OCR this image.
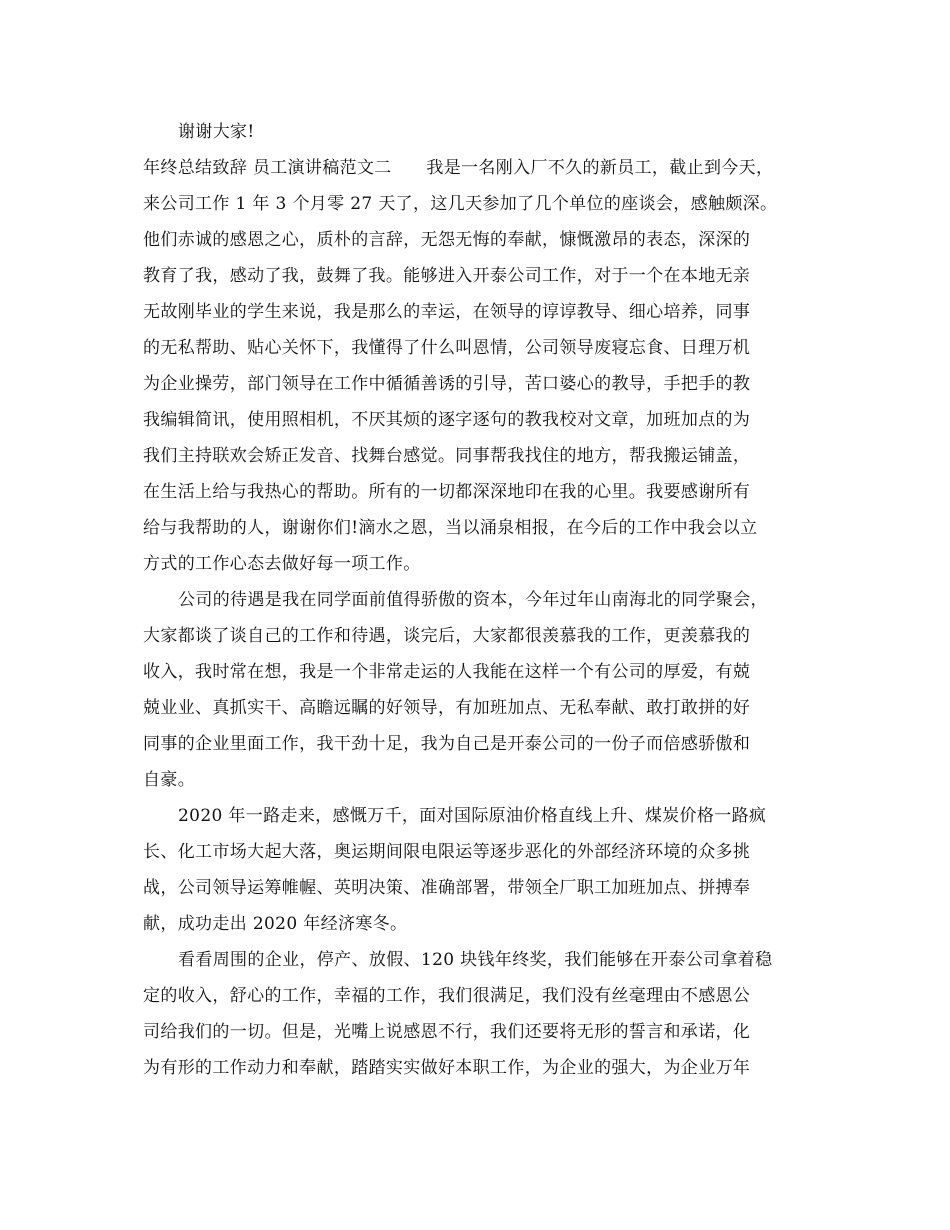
谢谢大家!
年终总结致辞 员工演讲稿范文二　　我是一名刚入厂不久的新员工，截止到今天，
来公司工作 1 年 3 个月零 27 天了，这几天参加了几个单位的座谈会，感触颇深。
他们赤诚的感恩之心，质朴的言辞，无怨无悔的奉献，慷慨激昂的表态，深深的
教育了我，感动了我，鼓舞了我。能够进入开泰公司工作，对于一个在本地无亲
无故刚毕业的学生来说，我是那么的幸运，在领导的谆谆教导、细心培养，同事
的无私帮助、贴心关怀下，我懂得了什么叫恩情，公司领导废寝忘食、日理万机
为企业操劳，部门领导在工作中循循善诱的引导，苦口婆心的教导，手把手的教
我编辑简讯，使用照相机，不厌其烦的逐字逐句的教我校对文章，加班加点的为
我们主持联欢会矫正发音、找舞台感觉。同事帮我找住的地方，帮我搬运铺盖，
在生活上给与我热心的帮助。所有的一切都深深地印在我的心里。我要感谢所有
给与我帮助的人，谢谢你们!滴水之恩，当以涌泉相报，在今后的工作中我会以立
方式的工作心态去做好每一项工作。
公司的待遇是我在同学面前值得骄傲的资本，今年过年山南海北的同学聚会，
大家都谈了谈自己的工作和待遇，谈完后，大家都很羡慕我的工作，更羡慕我的
收入，我时常在想，我是一个非常走运的人我能在这样一个有公司的厚爱，有兢
兢业业、真抓实干、高瞻远瞩的好领导，有加班加点、无私奉献、敢打敢拼的好
同事的企业里面工作，我干劲十足，我为自己是开泰公司的一份子而倍感骄傲和
自豪。
2020 年一路走来，感慨万千，面对国际原油价格直线上升、煤炭价格一路疯
长、化工市场大起大落，奥运期间限电限运等逐步恶化的外部经济环境的众多挑
战，公司领导运筹帷幄、英明决策、准确部署，带领全厂职工加班加点、拼搏奉
献，成功走出 2020 年经济寒冬。
看看周围的企业，停产、放假、120 块钱年终奖，我们能够在开泰公司拿着稳
定的收入，舒心的工作，幸福的工作，我们很满足，我们没有丝毫理由不感恩公
司给我们的一切。但是，光嘴上说感恩不行，我们还要将无形的誓言和承诺，化
为有形的工作动力和奉献，踏踏实实做好本职工作，为企业的强大，为企业万年
